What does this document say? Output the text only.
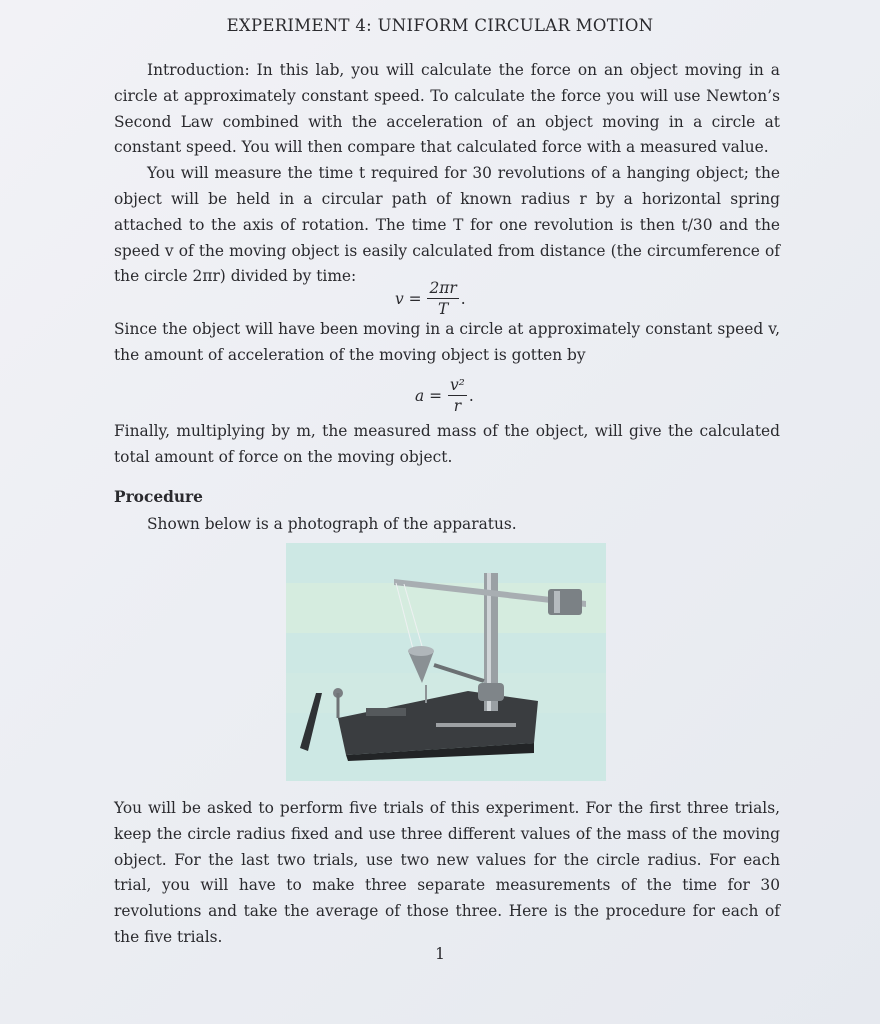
EXPERIMENT 4: UNIFORM CIRCULAR MOTION

Introduction: In this lab, you will calculate the force on an object moving in a circle at approximately constant speed. To calculate the force you will use Newton’s Second Law combined with the acceleration of an object moving in a circle at constant speed. You will then compare that calculated force with a measured value.

You will measure the time t required for 30 revolutions of a hanging object; the object will be held in a circular path of known radius r by a horizontal spring attached to the axis of rotation. The time T for one revolution is then t/30 and the speed v of the moving object is easily calculated from distance (the circumference of the circle 2πr) divided by time:

$v = \frac{2\pi r}{T}$ .

Since the object will have been moving in a circle at approximately constant speed v, the amount of acceleration of the moving object is gotten by

$a = \frac{\text{v²}}{r}$ .

Finally, multiplying by m, the measured mass of the object, will give the calculated total amount of force on the moving object.

Procedure

Shown below is a photograph of the apparatus.

You will be asked to perform five trials of this experiment. For the first three trials, keep the circle radius fixed and use three different values of the mass of the moving object. For the last two trials, use two new values for the circle radius. For each trial, you will have to make three separate measurements of the time for 30 revolutions and take the average of those three. Here is the procedure for each of the five trials.

1
